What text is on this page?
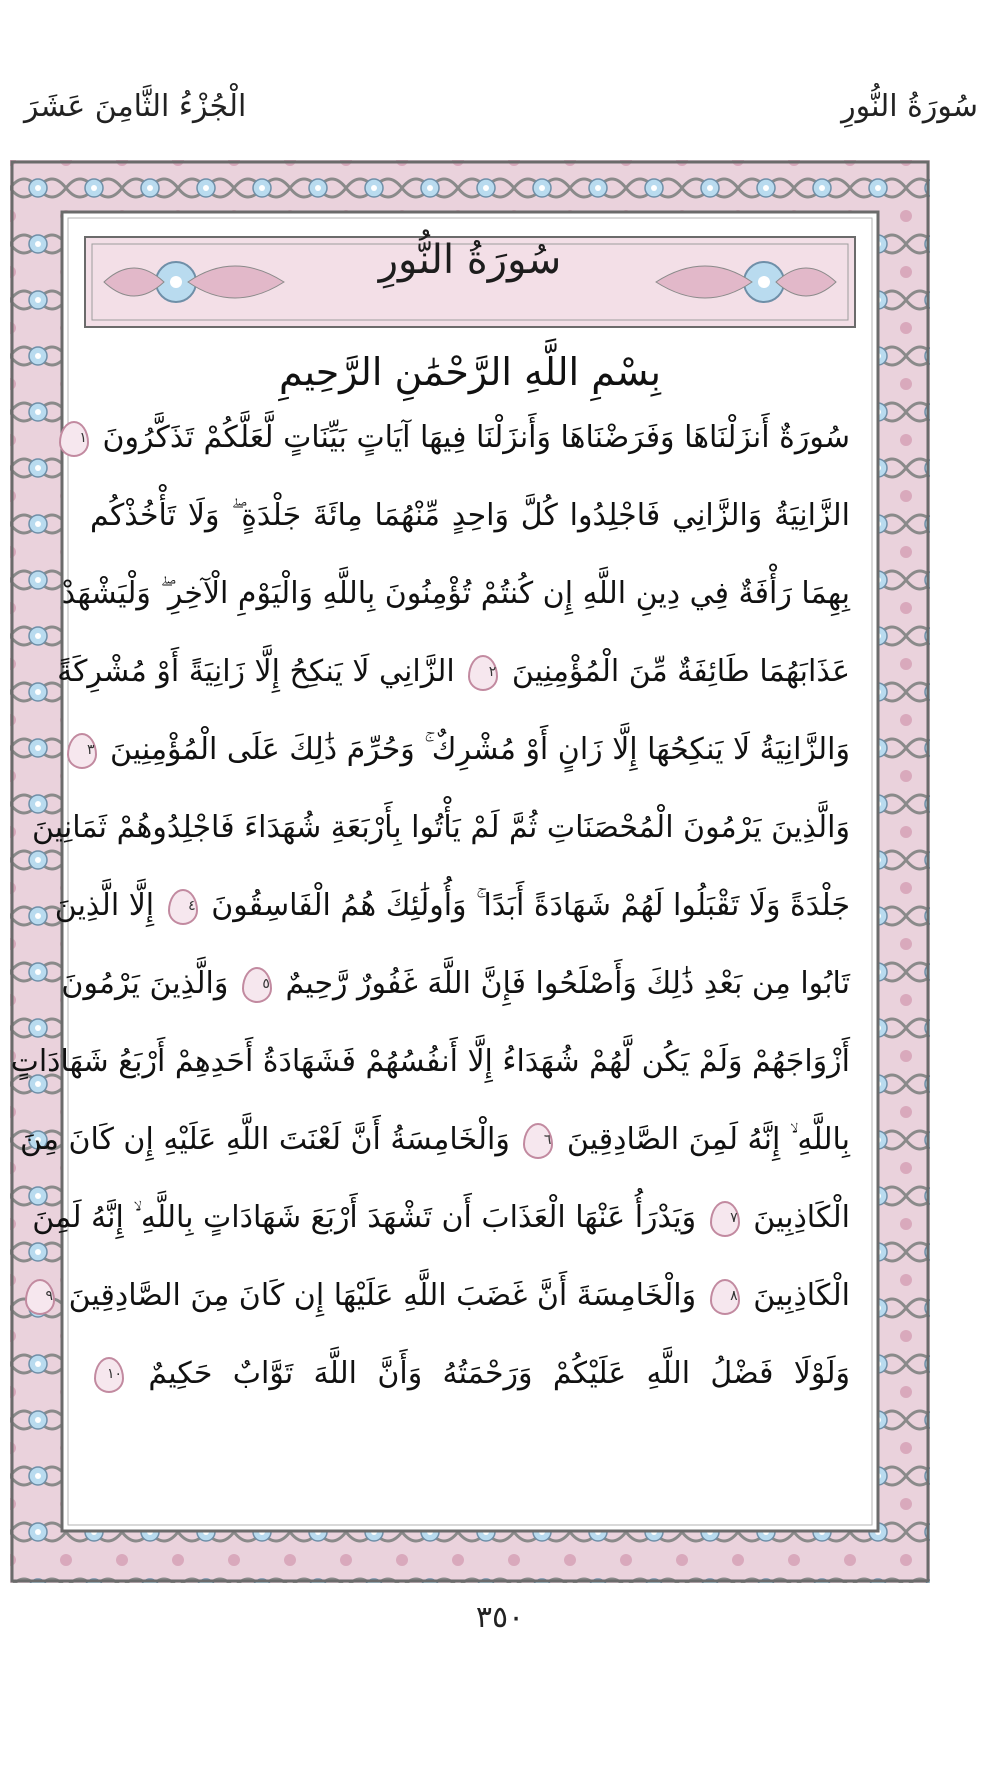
سُورَةُ النُّورِ
الْجُزْءُ الثَّامِنَ عَشَرَ
سُورَةُ النُّورِ
بِسْمِ اللَّهِ الرَّحْمَٰنِ الرَّحِيمِ
سُورَةٌ أَنزَلْنَاهَا وَفَرَضْنَاهَا وَأَنزَلْنَا فِيهَا آيَاتٍ بَيِّنَاتٍ لَّعَلَّكُمْ تَذَكَّرُونَ ١
الزَّانِيَةُ وَالزَّانِي فَاجْلِدُوا كُلَّ وَاحِدٍ مِّنْهُمَا مِائَةَ جَلْدَةٍ ۖ وَلَا تَأْخُذْكُم
بِهِمَا رَأْفَةٌ فِي دِينِ اللَّهِ إِن كُنتُمْ تُؤْمِنُونَ بِاللَّهِ وَالْيَوْمِ الْآخِرِ ۖ وَلْيَشْهَدْ
عَذَابَهُمَا طَائِفَةٌ مِّنَ الْمُؤْمِنِينَ ٢ الزَّانِي لَا يَنكِحُ إِلَّا زَانِيَةً أَوْ مُشْرِكَةً
وَالزَّانِيَةُ لَا يَنكِحُهَا إِلَّا زَانٍ أَوْ مُشْرِكٌ ۚ وَحُرِّمَ ذَٰلِكَ عَلَى الْمُؤْمِنِينَ ٣
وَالَّذِينَ يَرْمُونَ الْمُحْصَنَاتِ ثُمَّ لَمْ يَأْتُوا بِأَرْبَعَةِ شُهَدَاءَ فَاجْلِدُوهُمْ ثَمَانِينَ
جَلْدَةً وَلَا تَقْبَلُوا لَهُمْ شَهَادَةً أَبَدًا ۚ وَأُولَٰئِكَ هُمُ الْفَاسِقُونَ ٤ إِلَّا الَّذِينَ
تَابُوا مِن بَعْدِ ذَٰلِكَ وَأَصْلَحُوا فَإِنَّ اللَّهَ غَفُورٌ رَّحِيمٌ ٥ وَالَّذِينَ يَرْمُونَ
أَزْوَاجَهُمْ وَلَمْ يَكُن لَّهُمْ شُهَدَاءُ إِلَّا أَنفُسُهُمْ فَشَهَادَةُ أَحَدِهِمْ أَرْبَعُ شَهَادَاتٍ
بِاللَّهِ ۙ إِنَّهُ لَمِنَ الصَّادِقِينَ ٦ وَالْخَامِسَةُ أَنَّ لَعْنَتَ اللَّهِ عَلَيْهِ إِن كَانَ مِنَ
الْكَاذِبِينَ ٧ وَيَدْرَأُ عَنْهَا الْعَذَابَ أَن تَشْهَدَ أَرْبَعَ شَهَادَاتٍ بِاللَّهِ ۙ إِنَّهُ لَمِنَ
الْكَاذِبِينَ ٨ وَالْخَامِسَةَ أَنَّ غَضَبَ اللَّهِ عَلَيْهَا إِن كَانَ مِنَ الصَّادِقِينَ ٩
وَلَوْلَا فَضْلُ اللَّهِ عَلَيْكُمْ وَرَحْمَتُهُ وَأَنَّ اللَّهَ تَوَّابٌ حَكِيمٌ ١٠
٣٥٠
